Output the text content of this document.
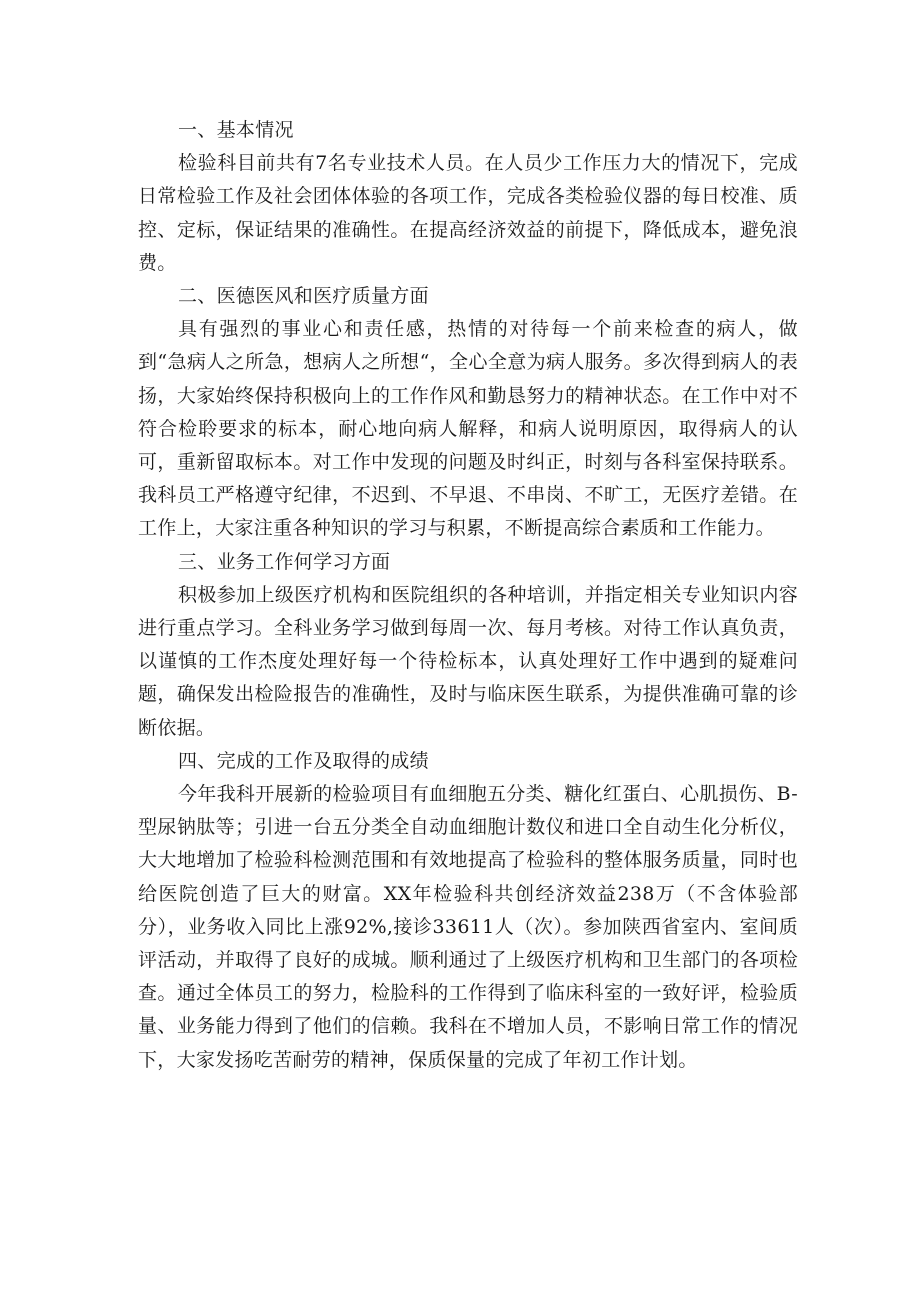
一、基本情况

检验科目前共有7名专业技术人员。在人员少工作压力大的情况下，完成日常检验工作及社会团体体验的各项工作，完成各类检验仪器的每日校准、质控、定标，保证结果的准确性。在提高经济效益的前提下，降低成本，避免浪费。

二、医德医风和医疗质量方面

具有强烈的事业心和责任感，热情的对待每一个前来检查的病人，做到“急病人之所急，想病人之所想“，全心全意为病人服务。多次得到病人的表扬，大家始终保持积极向上的工作作风和勤恳努力的精神状态。在工作中对不符合检聆要求的标本，耐心地向病人解释，和病人说明原因，取得病人的认可，重新留取标本。对工作中发现的问题及时纠正，时刻与各科室保持联系。我科员工严格遵守纪律，不迟到、不早退、不串岗、不旷工，无医疗差错。在工作上，大家注重各种知识的学习与积累，不断提高综合素质和工作能力。

三、业务工作何学习方面

积极参加上级医疗机构和医院组织的各种培训，并指定相关专业知识内容进行重点学习。全科业务学习做到每周一次、每月考核。对待工作认真负责，以谨慎的工作杰度处理好每一个待检标本，认真处理好工作中遇到的疑难问题，确保发出检险报告的准确性，及时与临床医生联系，为提供准确可靠的诊断依据。

四、完成的工作及取得的成绩

今年我科开展新的检验项目有血细胞五分类、糖化红蛋白、心肌损伤、B-型尿钠肽等；引进一台五分类全自动血细胞计数仪和进口全自动生化分析仪，大大地增加了检验科检测范围和有效地提高了检验科的整体服务质量，同时也给医院创造了巨大的财富。XX年检验科共创经济效益238万（不含体验部分），业务收入同比上涨92%,接诊33611人（次）。参加陕西省室内、室间质评活动，并取得了良好的成城。顺利通过了上级医疗机构和卫生部门的各项检查。通过全体员工的努力，检脸科的工作得到了临床科室的一致好评，检验质量、业务能力得到了他们的信赖。我科在不增加人员，不影响日常工作的情况下，大家发扬吃苦耐劳的精神，保质保量的完成了年初工作计划。
